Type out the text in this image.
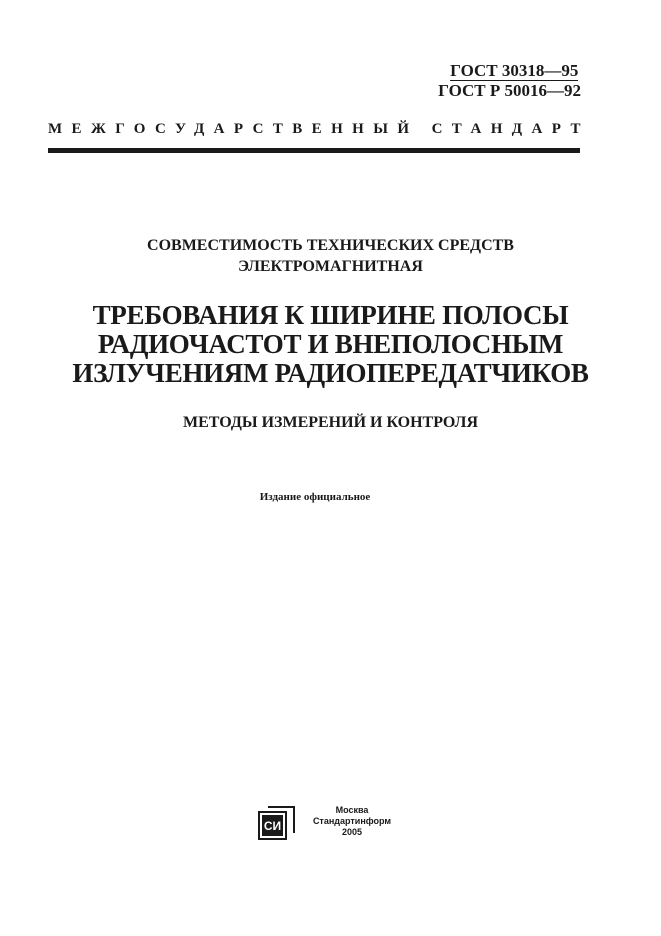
ГОСТ 30318—95
ГОСТ Р 50016—92
МЕЖГОСУДАРСТВЕННЫЙ СТАНДАРТ
СОВМЕСТИМОСТЬ ТЕХНИЧЕСКИХ СРЕДСТВ
ЭЛЕКТРОМАГНИТНАЯ
ТРЕБОВАНИЯ К ШИРИНЕ ПОЛОСЫ
РАДИОЧАСТОТ И ВНЕПОЛОСНЫМ
ИЗЛУЧЕНИЯМ РАДИОПЕРЕДАТЧИКОВ
МЕТОДЫ ИЗМЕРЕНИЙ И КОНТРОЛЯ
Издание официальное
СИ
Москва
Стандартинформ
2005
